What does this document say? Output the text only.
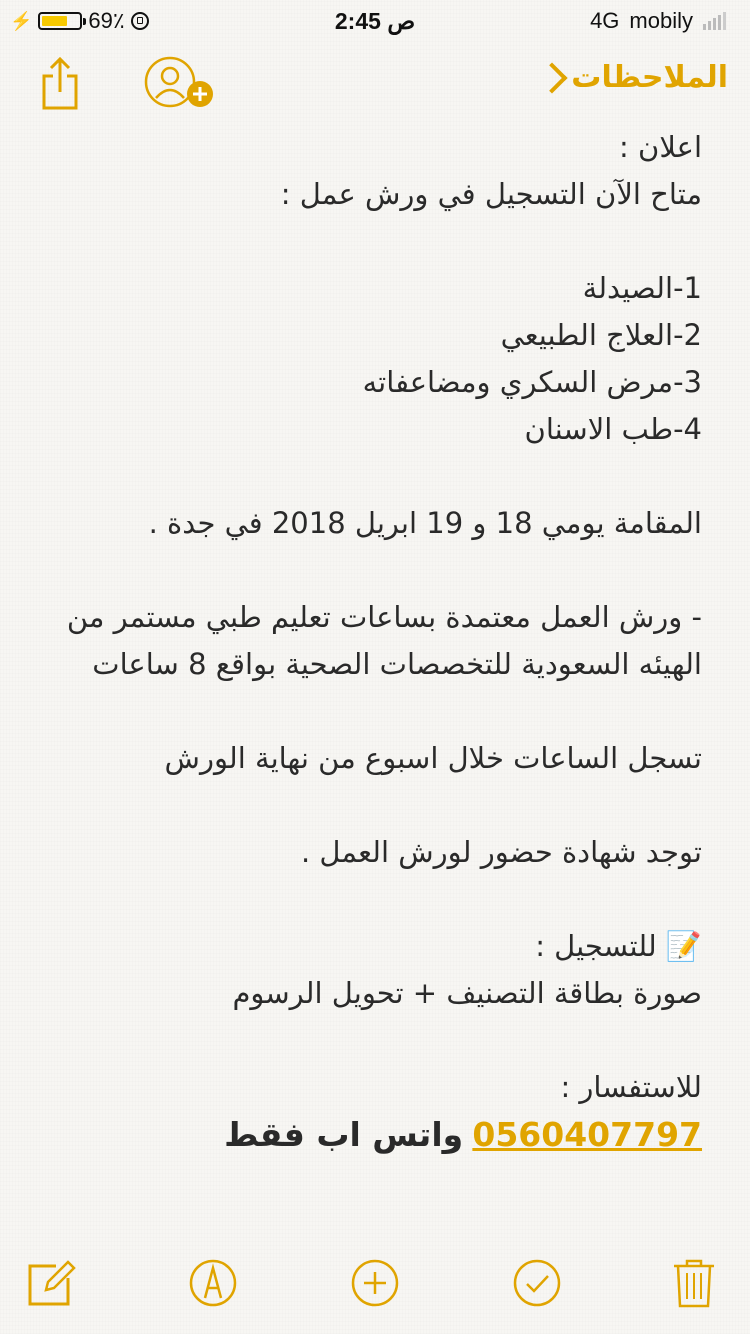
⚡	69٪	2:45 ص	4G mobily
الملاحظات

اعلان :

متاح الآن التسجيل في ورش عمل :

1-الصيدلة

2-العلاج الطبيعي

3-مرض السكري ومضاعفاته

4-طب الاسنان

المقامة يومي 18 و 19 ابريل 2018 في جدة .

- ورش العمل معتمدة بساعات تعليم طبي مستمر من الهيئه السعودية للتخصصات الصحية بواقع 8 ساعات

تسجل الساعات خلال اسبوع من نهاية الورش

توجد شهادة حضور لورش العمل .

📝 للتسجيل :

صورة بطاقة التصنيف + تحويل الرسوم

للاستفسار :

0560407797 واتس اب فقط
